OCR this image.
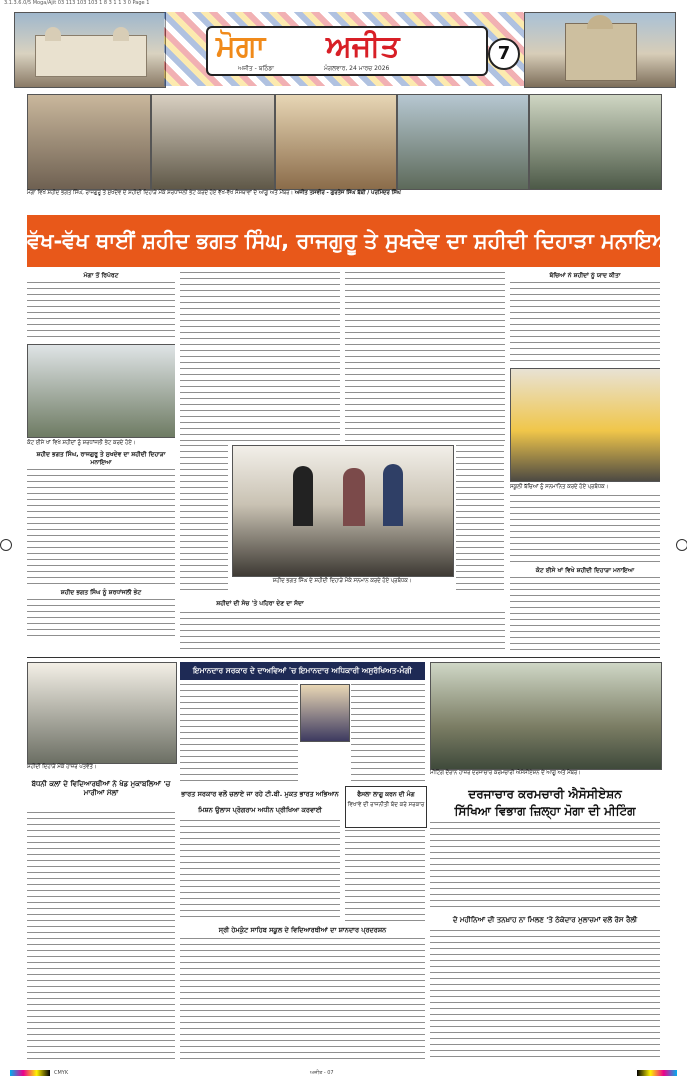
3.1.3.6.0/5 Moga/Ajit 03 113 103 103 1 8 3 1 1 3 0 Page 1
ਮੋਗਾ ਅਜੀਤ
ਅਜੀਤ - ਬਠਿੰਡਾ	ਮੰਗਲਵਾਰ, 24 ਮਾਰਚ 2026
7
ਮੋਗਾ ਵਿਖੇ ਸ਼ਹੀਦ ਭਗਤ ਸਿੰਘ, ਰਾਜਗੁਰੂ ਤੇ ਸੁਖਦੇਵ ਦੇ ਸ਼ਹੀਦੀ ਦਿਹਾੜੇ ਮੌਕੇ ਸ਼ਰਧਾਂਜਲੀ ਭੇਟ ਕਰਦੇ ਹੋਏ ਵੱਖ-ਵੱਖ ਸੰਸਥਾਵਾਂ ਦੇ ਆਗੂ ਅਤੇ ਮੈਂਬਰ। ਅਜੀਤ ਤਸਵੀਰ - ਗੁਰਤੇਜ ਸਿੰਘ ਬੱਬੀ / ਪਰਮਿੰਦਰ ਸਿੰਘ
ਵੱਖ-ਵੱਖ ਥਾਈਂ ਸ਼ਹੀਦ ਭਗਤ ਸਿੰਘ, ਰਾਜਗੁਰੂ ਤੇ ਸੁਖਦੇਵ ਦਾ ਸ਼ਹੀਦੀ ਦਿਹਾੜਾ ਮਨਾਇਆ
ਮੋਗਾ ਤੋਂ ਰਿਪੋਰਟ
ਕੋਟ ਈਸੇ ਖਾਂ ਵਿਖੇ ਸ਼ਹੀਦਾਂ ਨੂੰ ਸ਼ਰਧਾਂਜਲੀ ਭੇਟ ਕਰਦੇ ਹੋਏ।
ਸ਼ਹੀਦ ਭਗਤ ਸਿੰਘ, ਰਾਜਗੁਰੂ ਤੇ ਸੁਖਦੇਵ ਦਾ ਸ਼ਹੀਦੀ ਦਿਹਾੜਾ ਮਨਾਇਆ
ਸ਼ਹੀਦ ਭਗਤ ਸਿੰਘ ਨੂੰ ਸ਼ਰਧਾਂਜਲੀ ਭੇਟ
ਸ਼ਹੀਦ ਭਗਤ ਸਿੰਘ ਦੇ ਸ਼ਹੀਦੀ ਦਿਹਾੜੇ ਮੌਕੇ ਸਨਮਾਨ ਕਰਦੇ ਹੋਏ ਪ੍ਰਬੰਧਕ।
ਸ਼ਹੀਦਾਂ ਦੀ ਸੋਚ 'ਤੇ ਪਹਿਰਾ ਦੇਣ ਦਾ ਸੱਦਾ
ਬੱਚਿਆਂ ਨੇ ਸ਼ਹੀਦਾਂ ਨੂੰ ਯਾਦ ਕੀਤਾ
ਸਕੂਲੀ ਬੱਚਿਆਂ ਨੂੰ ਸਨਮਾਨਿਤ ਕਰਦੇ ਹੋਏ ਪ੍ਰਬੰਧਕ।
ਕੋਟ ਈਸੇ ਖਾਂ ਵਿਖੇ ਸ਼ਹੀਦੀ ਦਿਹਾੜਾ ਮਨਾਇਆ
ਸ਼ਹੀਦੀ ਦਿਹਾੜੇ ਮੌਕੇ ਹਾਜ਼ਰ ਪਤਵੰਤੇ।
ਬੱਧਨੀ ਕਲਾਂ ਦੇ ਵਿਦਿਆਰਥੀਆਂ ਨੇ ਖੇਡ ਮੁਕਾਬਲਿਆਂ 'ਚ ਮਾਰੀਆਂ ਮੱਲਾਂ
ਇਮਾਨਦਾਰ ਸਰਕਾਰ ਦੇ ਦਾਅਵਿਆਂ 'ਚ ਇਮਾਨਦਾਰ ਅਧਿਕਾਰੀ ਅਸੁਰੱਖਿਅਤ-ਮੰਗੀ
ਭਾਰਤ ਸਰਕਾਰ ਵਲੋਂ ਚਲਾਏ ਜਾ ਰਹੇ ਟੀ.ਬੀ. ਮੁਕਤ ਭਾਰਤ ਅਭਿਆਨ
ਮਿਸ਼ਨ ਉਲਾਸ ਪ੍ਰੋਗਰਾਮ ਅਧੀਨ ਪ੍ਰੀਖਿਆ ਕਰਵਾਈ
ਫੈਸਲਾ ਲਾਗੂ ਕਰਨ ਦੀ ਮੰਗ
ਵਿਖਾਵੇ ਦੀ ਰਾਜਨੀਤੀ ਬੰਦ ਕਰੇ ਸਰਕਾਰ
ਸ੍ਰੀ ਹੇਮਕੁੰਟ ਸਾਹਿਬ ਸਕੂਲ ਦੇ ਵਿਦਿਆਰਥੀਆਂ ਦਾ ਸ਼ਾਨਦਾਰ ਪ੍ਰਦਰਸ਼ਨ
ਮੀਟਿੰਗ ਦੌਰਾਨ ਹਾਜ਼ਰ ਦਰਜਾਚਾਰ ਕਰਮਚਾਰੀ ਐਸੋਸੀਏਸ਼ਨ ਦੇ ਆਗੂ ਅਤੇ ਮੈਂਬਰ।
ਦਰਜਾਚਾਰ ਕਰਮਚਾਰੀ ਐਸੋਸੀਏਸ਼ਨ
ਸਿੱਖਿਆ ਵਿਭਾਗ ਜ਼ਿਲ੍ਹਾ ਮੋਗਾ ਦੀ ਮੀਟਿੰਗ
ਦੋ ਮਹੀਨਿਆਂ ਦੀ ਤਨਖ਼ਾਹ ਨਾ ਮਿਲਣ 'ਤੇ ਠੇਕੇਦਾਰ ਮੁਲਾਜ਼ਮਾਂ ਵਲੋਂ ਰੋਸ ਰੈਲੀ
CMYK	ਅਜੀਤ - 07
